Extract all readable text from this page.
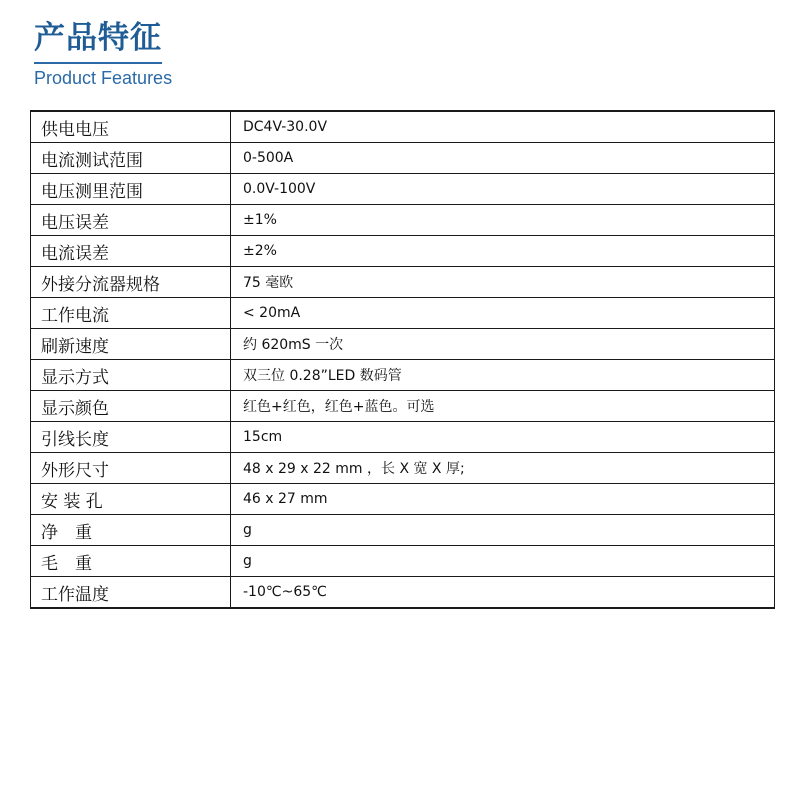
产品特征
Product Features
供电电压	DC4V-30.0V
电流测试范围	0-500A
电压测里范围	0.0V-100V
电压误差	±1%
电流误差	±2%
外接分流器规格	75 毫欧
工作电流	< 20mA
刷新速度	约 620mS 一次
显示方式	双三位 0.28”LED 数码管
显示颜色	红色+红色，红色+蓝色。可选
引线长度	15cm
外形尺寸	48 x 29 x 22 mm ，长 X 宽 X 厚;
安 装 孔	46 x 27 mm
净　重	g
毛　重	g
工作温度	-10℃~65℃
